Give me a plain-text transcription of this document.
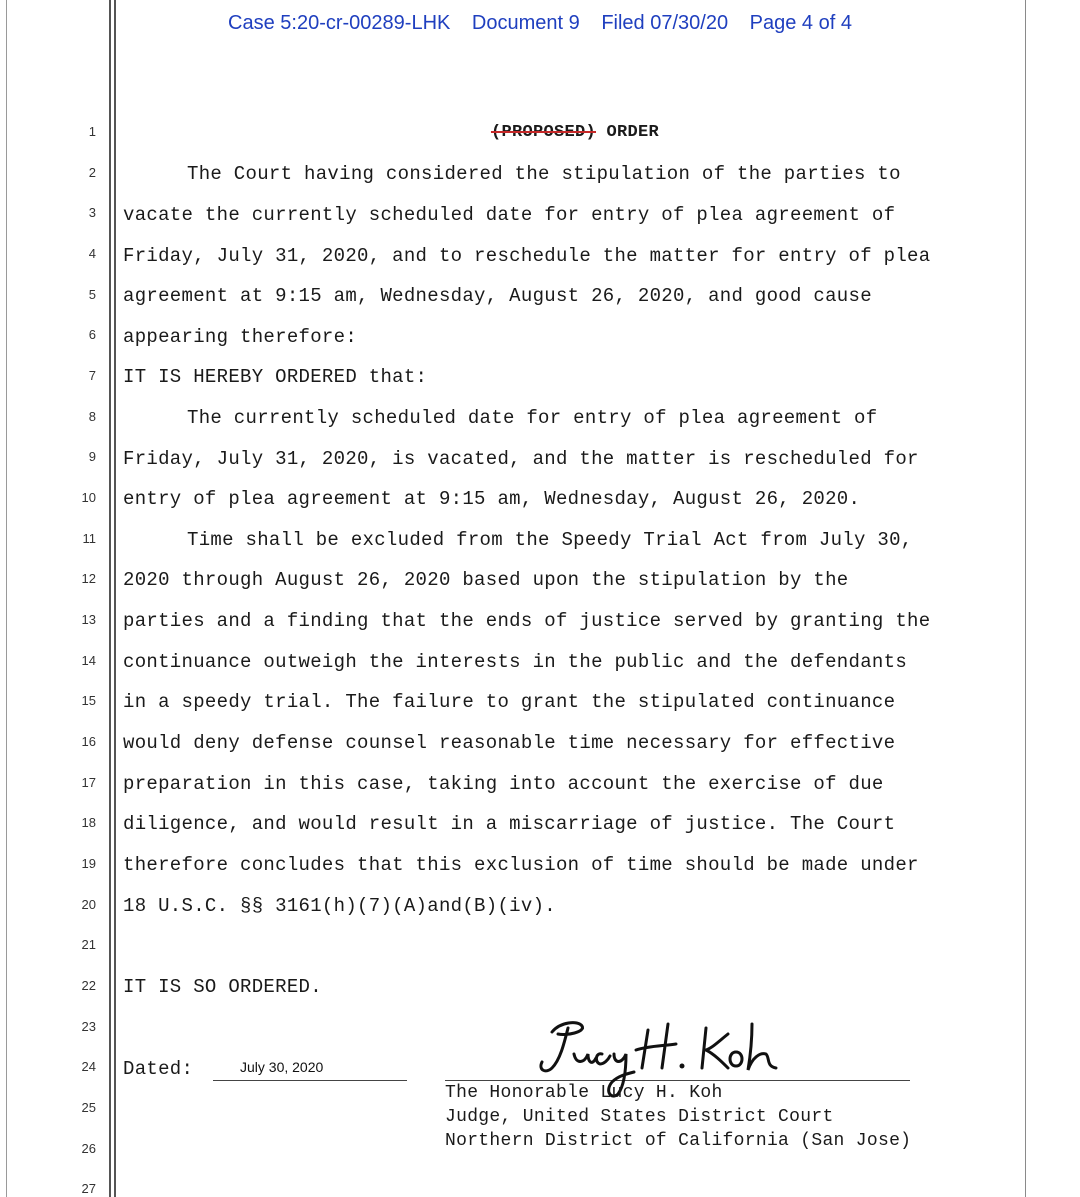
Case 5:20-cr-00289-LHK Document 9 Filed 07/30/20 Page 4 of 4
1
2
3
4
5
6
7
8
9
10
11
12
13
14
15
16
17
18
19
20
21
22
23
24
25
26
27
(PROPOSED) ORDER
The Court having considered the stipulation of the parties to
vacate the currently scheduled date for entry of plea agreement of
Friday, July 31, 2020, and to reschedule the matter for entry of plea
agreement at 9:15 am, Wednesday, August 26, 2020, and good cause
appearing therefore:
IT IS HEREBY ORDERED that:
The currently scheduled date for entry of plea agreement of
Friday, July 31, 2020, is vacated, and the matter is rescheduled for
entry of plea agreement at 9:15 am, Wednesday, August 26, 2020.
Time shall be excluded from the Speedy Trial Act from July 30,
2020 through August 26, 2020 based upon the stipulation by the
parties and a finding that the ends of justice served by granting the
continuance outweigh the interests in the public and the defendants
in a speedy trial. The failure to grant the stipulated continuance
would deny defense counsel reasonable time necessary for effective
preparation in this case, taking into account the exercise of due
diligence, and would result in a miscarriage of justice. The Court
therefore concludes that this exclusion of time should be made under
18 U.S.C. §§ 3161(h)(7)(A)and(B)(iv).
IT IS SO ORDERED.
Dated:	July 30, 2020
The Honorable Lucy H. Koh
Judge, United States District Court
Northern District of California (San Jose)
